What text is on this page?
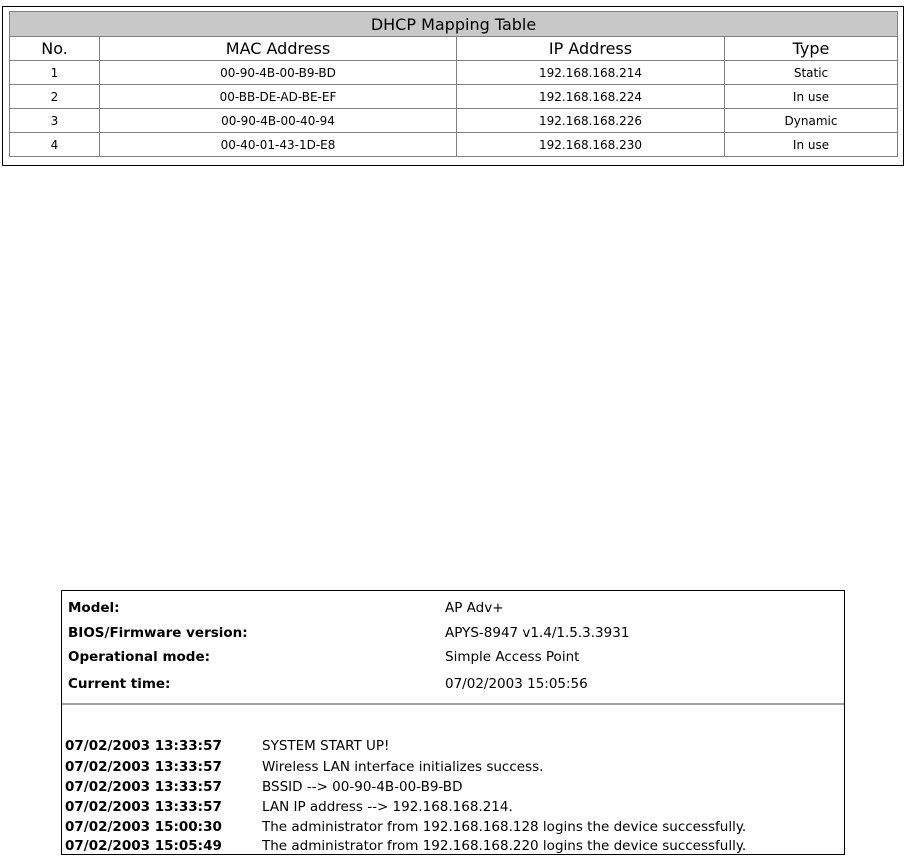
DHCP Mapping Table			
No.	MAC Address	IP Address	Type
1	00-90-4B-00-B9-BD	192.168.168.214	Static
2	00-BB-DE-AD-BE-EF	192.168.168.224	In use
3	00-90-4B-00-40-94	192.168.168.226	Dynamic
4	00-40-01-43-1D-E8	192.168.168.230	In use
Model:	AP Adv+
BIOS/Firmware version:	APYS-8947 v1.4/1.5.3.3931
Operational mode:	Simple Access Point
Current time:	07/02/2003 15:05:56
07/02/2003 13:33:57	SYSTEM START UP!
07/02/2003 13:33:57	Wireless LAN interface initializes success.
07/02/2003 13:33:57	BSSID --> 00-90-4B-00-B9-BD
07/02/2003 13:33:57	LAN IP address --> 192.168.168.214.
07/02/2003 15:00:30	The administrator from 192.168.168.128 logins the device successfully.
07/02/2003 15:05:49	The administrator from 192.168.168.220 logins the device successfully.
